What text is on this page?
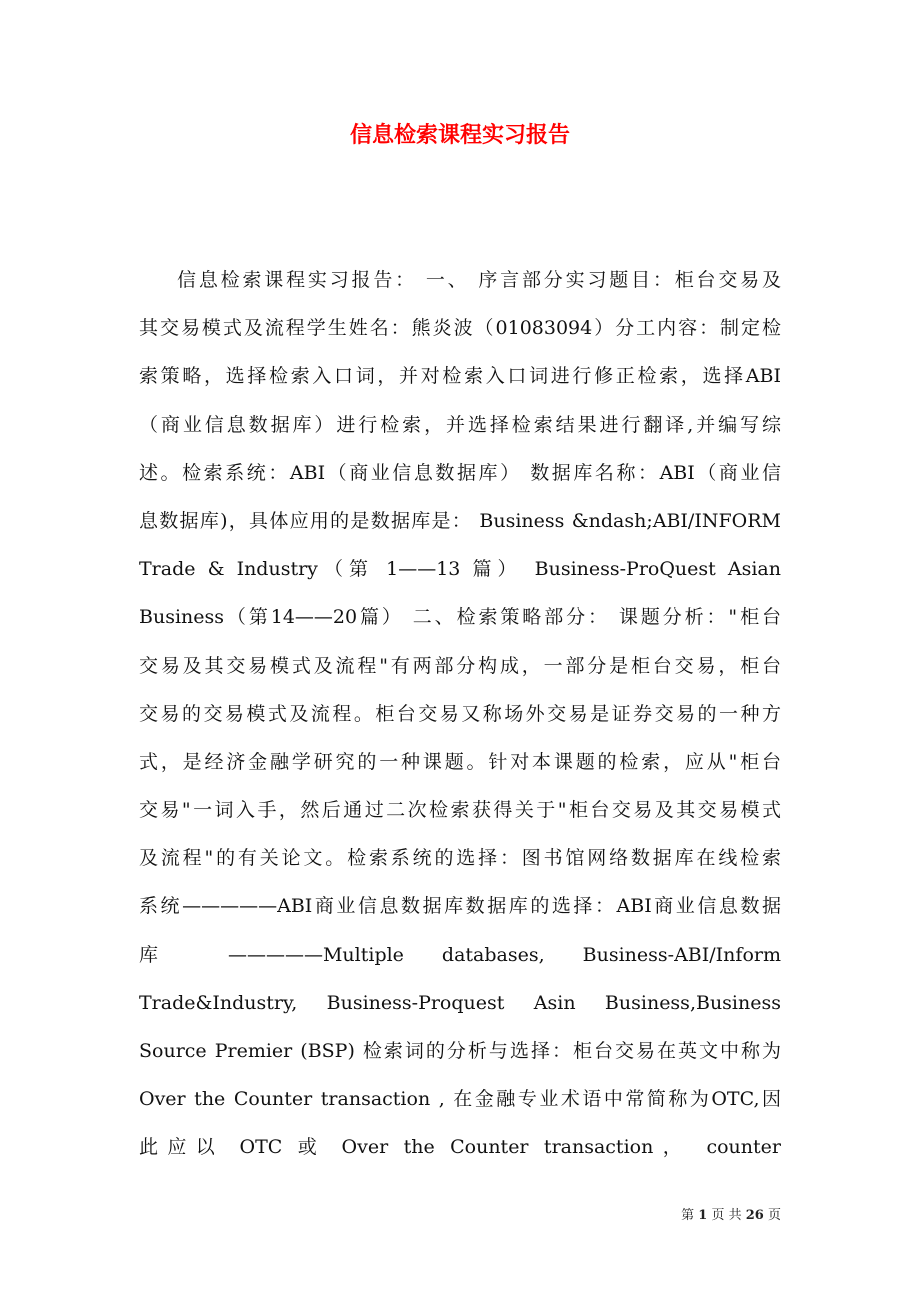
信息检索课程实习报告
信息检索课程实习报告： 一、 序言部分实习题目：柜台交易及
其交易模式及流程学生姓名：熊炎波（01083094）分工内容：制定检
索策略，选择检索入口词，并对检索入口词进行修正检索，选择ABI
（商业信息数据库）进行检索，并选择检索结果进行翻译,并编写综
述。检索系统：ABI（商业信息数据库） 数据库名称：ABI（商业信
息数据库)，具体应用的是数据库是： Business &ndash;ABI/INFORM
Trade & Industry（第 1——13 篇） Business-ProQuest Asian
Business（第14——20篇） 二、检索策略部分： 课题分析："柜台
交易及其交易模式及流程"有两部分构成，一部分是柜台交易，柜台
交易的交易模式及流程。柜台交易又称场外交易是证券交易的一种方
式，是经济金融学研究的一种课题。针对本课题的检索，应从"柜台
交易"一词入手，然后通过二次检索获得关于"柜台交易及其交易模式
及流程"的有关论文。检索系统的选择：图书馆网络数据库在线检索
系统—————ABI商业信息数据库数据库的选择：ABI商业信息数据
库 —————Multiple databases, Business-ABI/Inform
Trade&Industry, Business-Proquest Asin Business,Business
Source Premier (BSP) 检索词的分析与选择：柜台交易在英文中称为
Over the Counter transaction , 在金融专业术语中常简称为OTC,因
此应以 OTC 或 Over the Counter transaction， counter
第 1 页 共 26 页
